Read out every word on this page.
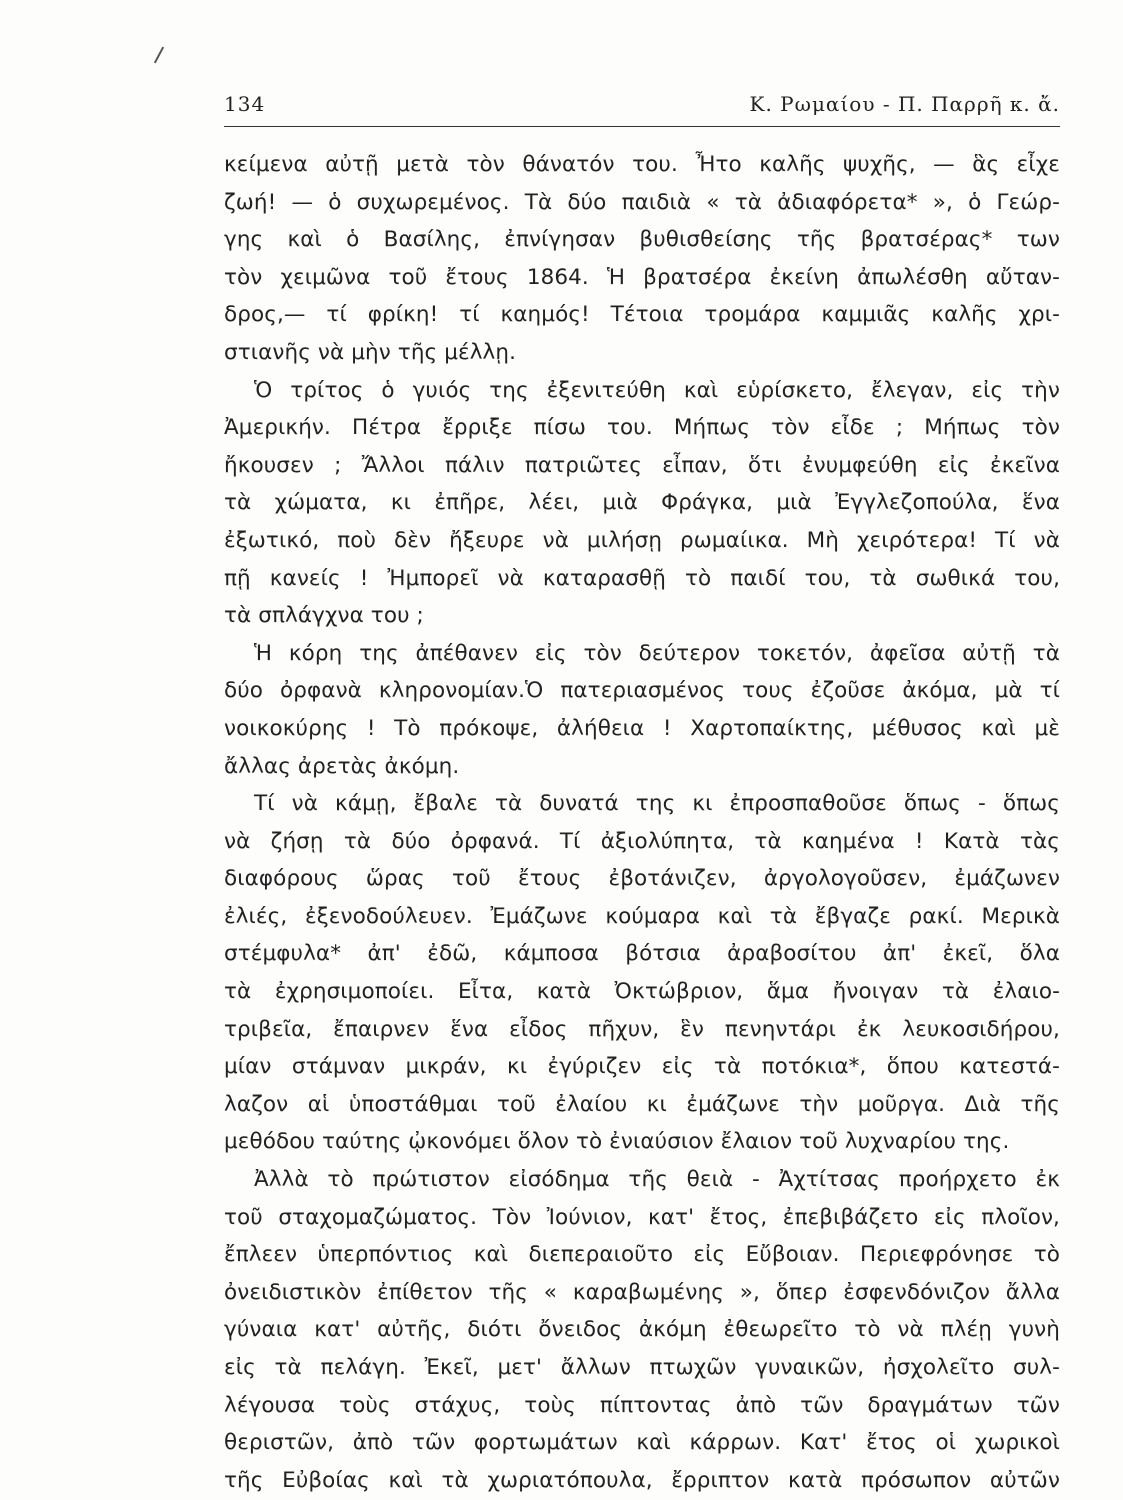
134	Κ. Ρωμαίου - Π. Παρρῆ κ. ἄ.
κείμενα αὐτῇ μετὰ τὸν θάνατόν του. Ἦτο καλῆς ψυχῆς, — ἃς εἶχε
ζωή! — ὁ συχωρεμένος. Τὰ δύο παιδιὰ « τὰ ἀδιαφόρετα* », ὁ Γεώρ-
γης καὶ ὁ Βασίλης, ἐπνίγησαν βυθισθείσης τῆς βρατσέρας* των
τὸν χειμῶνα τοῦ ἔτους 1864. Ἡ βρατσέρα ἐκείνη ἀπωλέσθη αὔταν-
δρος,— τί φρίκη! τί καημός! Τέτοια τρομάρα καμμιᾶς καλῆς χρι-
στιανῆς νὰ μὴν τῆς μέλλῃ.
Ὁ τρίτος ὁ γυιός της ἐξενιτεύθη καὶ εὑρίσκετο, ἔλεγαν, εἰς τὴν
Ἀμερικήν. Πέτρα ἔρριξε πίσω του. Μήπως τὸν εἶδε ; Μήπως τὸν
ἤκουσεν ; Ἄλλοι πάλιν πατριῶτες εἶπαν, ὅτι ἐνυμφεύθη εἰς ἐκεῖνα
τὰ χώματα, κι ἐπῆρε, λέει, μιὰ Φράγκα, μιὰ Ἐγγλεζοπούλα, ἕνα
ἐξωτικό, ποὺ δὲν ἤξευρε νὰ μιλήσῃ ρωμαίικα. Μὴ χειρότερα! Τί νὰ
πῇ κανείς ! Ἠμπορεῖ νὰ καταρασθῇ τὸ παιδί του, τὰ σωθικά του,
τὰ σπλάγχνα του ;
Ἡ κόρη της ἀπέθανεν εἰς τὸν δεύτερον τοκετόν, ἀφεῖσα αὐτῇ τὰ
δύο ὀρφανὰ κληρονομίαν.Ὁ πατεριασμένος τους ἐζοῦσε ἀκόμα, μὰ τί
νοικοκύρης ! Τὸ πρόκοψε, ἀλήθεια ! Χαρτοπαίκτης, μέθυσος καὶ μὲ
ἄλλας ἀρετὰς ἀκόμη.
Τί νὰ κάμῃ, ἔβαλε τὰ δυνατά της κι ἐπροσπαθοῦσε ὅπως - ὅπως
νὰ ζήσῃ τὰ δύο ὀρφανά. Τί ἀξιολύπητα, τὰ καημένα ! Κατὰ τὰς
διαφόρους ὥρας τοῦ ἔτους ἐβοτάνιζεν, ἀργολογοῦσεν, ἐμάζωνεν
ἐλιές, ἐξενοδούλευεν. Ἐμάζωνε κούμαρα καὶ τὰ ἔβγαζε ρακί. Μερικὰ
στέμφυλα* ἀπ' ἐδῶ, κάμποσα βότσια ἀραβοσίτου ἀπ' ἐκεῖ, ὅλα
τὰ ἐχρησιμοποίει. Εἶτα, κατὰ Ὀκτώβριον, ἅμα ἤνοιγαν τὰ ἐλαιο-
τριβεῖα, ἔπαιρνεν ἕνα εἶδος πῆχυν, ἓν πενηντάρι ἐκ λευκοσιδήρου,
μίαν στάμναν μικράν, κι ἐγύριζεν εἰς τὰ ποτόκια*, ὅπου κατεστά-
λαζον αἱ ὑποστάθμαι τοῦ ἐλαίου κι ἐμάζωνε τὴν μοῦργα. Διὰ τῆς
μεθόδου ταύτης ᾠκονόμει ὅλον τὸ ἐνιαύσιον ἔλαιον τοῦ λυχναρίου της.
Ἀλλὰ τὸ πρώτιστον εἰσόδημα τῆς θειὰ - Ἀχτίτσας προήρχετο ἐκ
τοῦ σταχομαζώματος. Τὸν Ἰούνιον, κατ' ἔτος, ἐπεβιβάζετο εἰς πλοῖον,
ἔπλεεν ὑπερπόντιος καὶ διεπεραιοῦτο εἰς Εὔβοιαν. Περιεφρόνησε τὸ
ὀνειδιστικὸν ἐπίθετον τῆς « καραβωμένης », ὅπερ ἐσφενδόνιζον ἄλλα
γύναια κατ' αὐτῆς, διότι ὄνειδος ἀκόμη ἐθεωρεῖτο τὸ νὰ πλέῃ γυνὴ
εἰς τὰ πελάγη. Ἐκεῖ, μετ' ἄλλων πτωχῶν γυναικῶν, ἠσχολεῖτο συλ-
λέγουσα τοὺς στάχυς, τοὺς πίπτοντας ἀπὸ τῶν δραγμάτων τῶν
θεριστῶν, ἀπὸ τῶν φορτωμάτων καὶ κάρρων. Κατ' ἔτος οἱ χωρικοὶ
τῆς Εὐβοίας καὶ τὰ χωριατόπουλα, ἔρριπτον κατὰ πρόσωπον αὐτῶν
